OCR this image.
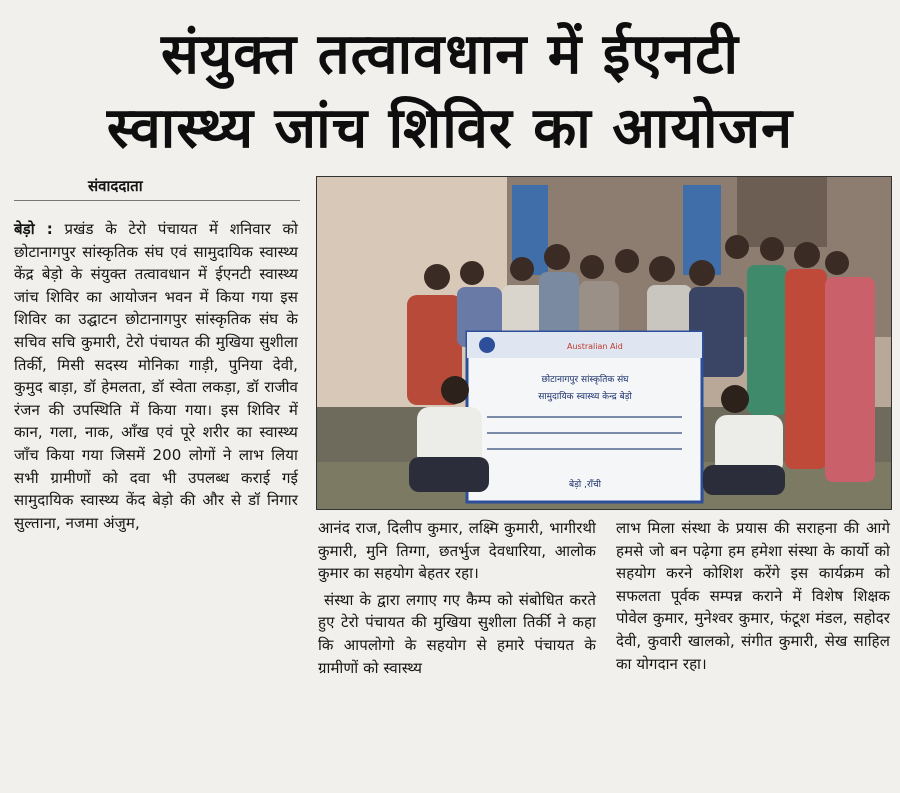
संयुक्त तत्वावधान में ईएनटी
स्वास्थ्य जांच शिविर का आयोजन
संवाददाता

बेड़ो : प्रखंड के टेरो पंचायत में शनिवार को छोटानागपुर सांस्कृतिक संघ एवं सामुदायिक स्वास्थ्य केंद्र बेड़ो के संयुक्त तत्वावधान में ईएनटी स्वास्थ्य जांच शिविर का आयोजन भवन में किया गया इस शिविर का उद्घाटन छोटानागपुर सांस्कृतिक संघ के सचिव सचि कुमारी, टेरो पंचायत की मुखिया सुशीला तिर्की, मिसी सदस्य मोनिका गाड़ी, पुनिया देवी, कुमुद बाड़ा, डॉ हेमलता, डॉ स्वेता लकड़ा, डॉ राजीव रंजन की उपस्थिति में किया गया। इस शिविर में कान, गला, नाक, आँख एवं पूरे शरीर का स्वास्थ्य जाँच किया गया जिसमें 200 लोगों ने लाभ लिया सभी ग्रामीणों को दवा भी उपलब्ध कराई गई सामुदायिक स्वास्थ्य केंद बेड़ो की और से डॉ निगार सुल्ताना, नजमा अंजुम,

Australian Aid
छोटानागपुर सांस्कृतिक संघ
सामुदायिक स्वास्थ्य केन्द्र बेड़ो
बेड़ो ,राँची

आनंद राज, दिलीप कुमार, लक्ष्मि कुमारी, भागीरथी कुमारी, मुनि तिग्गा, छतर्भुज देवधारिया, आलोक कुमार का सहयोग बेहतर रहा।

संस्था के द्वारा लगाए गए कैम्प को संबोधित करते हुए टेरो पंचायत की मुखिया सुशीला तिर्की ने कहा कि आपलोगो के सहयोग से हमारे पंचायत के ग्रामीणों को स्वास्थ्य

लाभ मिला संस्था के प्रयास की सराहना की आगे हमसे जो बन पढ़ेगा हम हमेशा संस्था के कार्यो को सहयोग करने कोशिश करेंगे इस कार्यक्रम को सफलता पूर्वक सम्पन्न कराने में विशेष शिक्षक पोवेल कुमार, मुनेश्वर कुमार, फंटूश मंडल, सहोदर देवी, कुवारी खालको, संगीत कुमारी, सेख साहिल का योगदान रहा।
